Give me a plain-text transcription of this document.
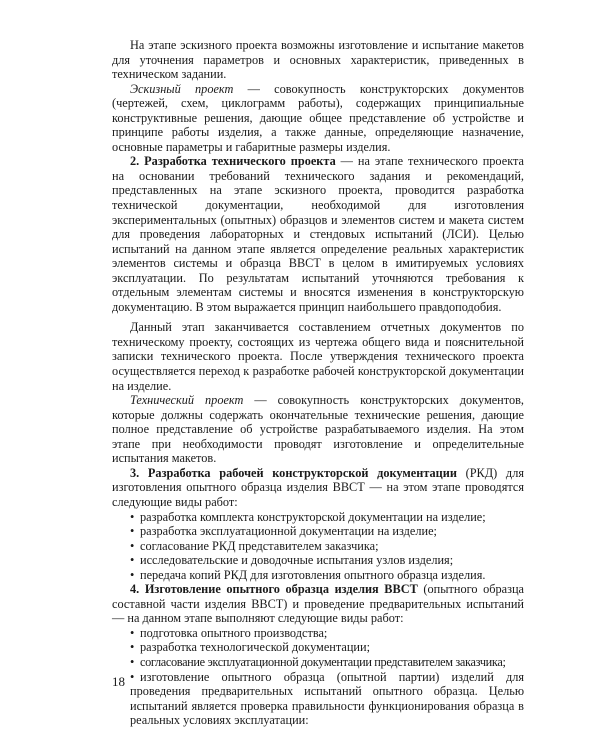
На этапе эскизного проекта возможны изготовление и испытание макетов для уточнения параметров и основных характеристик, приведенных в техническом задании.

Эскизный проект — совокупность конструкторских документов (чертежей, схем, циклограмм работы), содержащих принципиальные конструктивные решения, дающие общее представление об устройстве и принципе работы изделия, а также данные, определяющие назначение, основные параметры и габаритные размеры изделия.

2. Разработка технического проекта — на этапе технического проекта на основании требований технического задания и рекомендаций, представленных на этапе эскизного проекта, проводится разработка технической документации, необходимой для изготовления экспериментальных (опытных) образцов и элементов систем и макета систем для проведения лабораторных и стендовых испытаний (ЛСИ). Целью испытаний на данном этапе является определение реальных характеристик элементов системы и образца ВВСТ в целом в имитируемых условиях эксплуатации. По результатам испытаний уточняются требования к отдельным элементам системы и вносятся изменения в конструкторскую документацию. В этом выражается принцип наибольшего правдоподобия.

Данный этап заканчивается составлением отчетных документов по техническому проекту, состоящих из чертежа общего вида и пояснительной записки технического проекта. После утверждения технического проекта осуществляется переход к разработке рабочей конструкторской документации на изделие.

Технический проект — совокупность конструкторских документов, которые должны содержать окончательные технические решения, дающие полное представление об устройстве разрабатываемого изделия. На этом этапе при необходимости проводят изготовление и определительные испытания макетов.

3. Разработка рабочей конструкторской документации (РКД) для изготовления опытного образца изделия ВВСТ — на этом этапе проводятся следующие виды работ:

• разработка комплекта конструкторской документации на изделие;
• разработка эксплуатационной документации на изделие;
• согласование РКД представителем заказчика;
• исследовательские и доводочные испытания узлов изделия;
• передача копий РКД для изготовления опытного образца изделия.

4. Изготовление опытного образца изделия ВВСТ (опытного образца составной части изделия ВВСТ) и проведение предварительных испытаний — на данном этапе выполняют следующие виды работ:

• подготовка опытного производства;
• разработка технологической документации;
• согласование эксплуатационной документации представителем заказчика;
• изготовление опытного образца (опытной партии) изделий для проведения предварительных испытаний опытного образца. Целью испытаний является проверка правильности функционирования образца в реальных условиях эксплуатации:
18
